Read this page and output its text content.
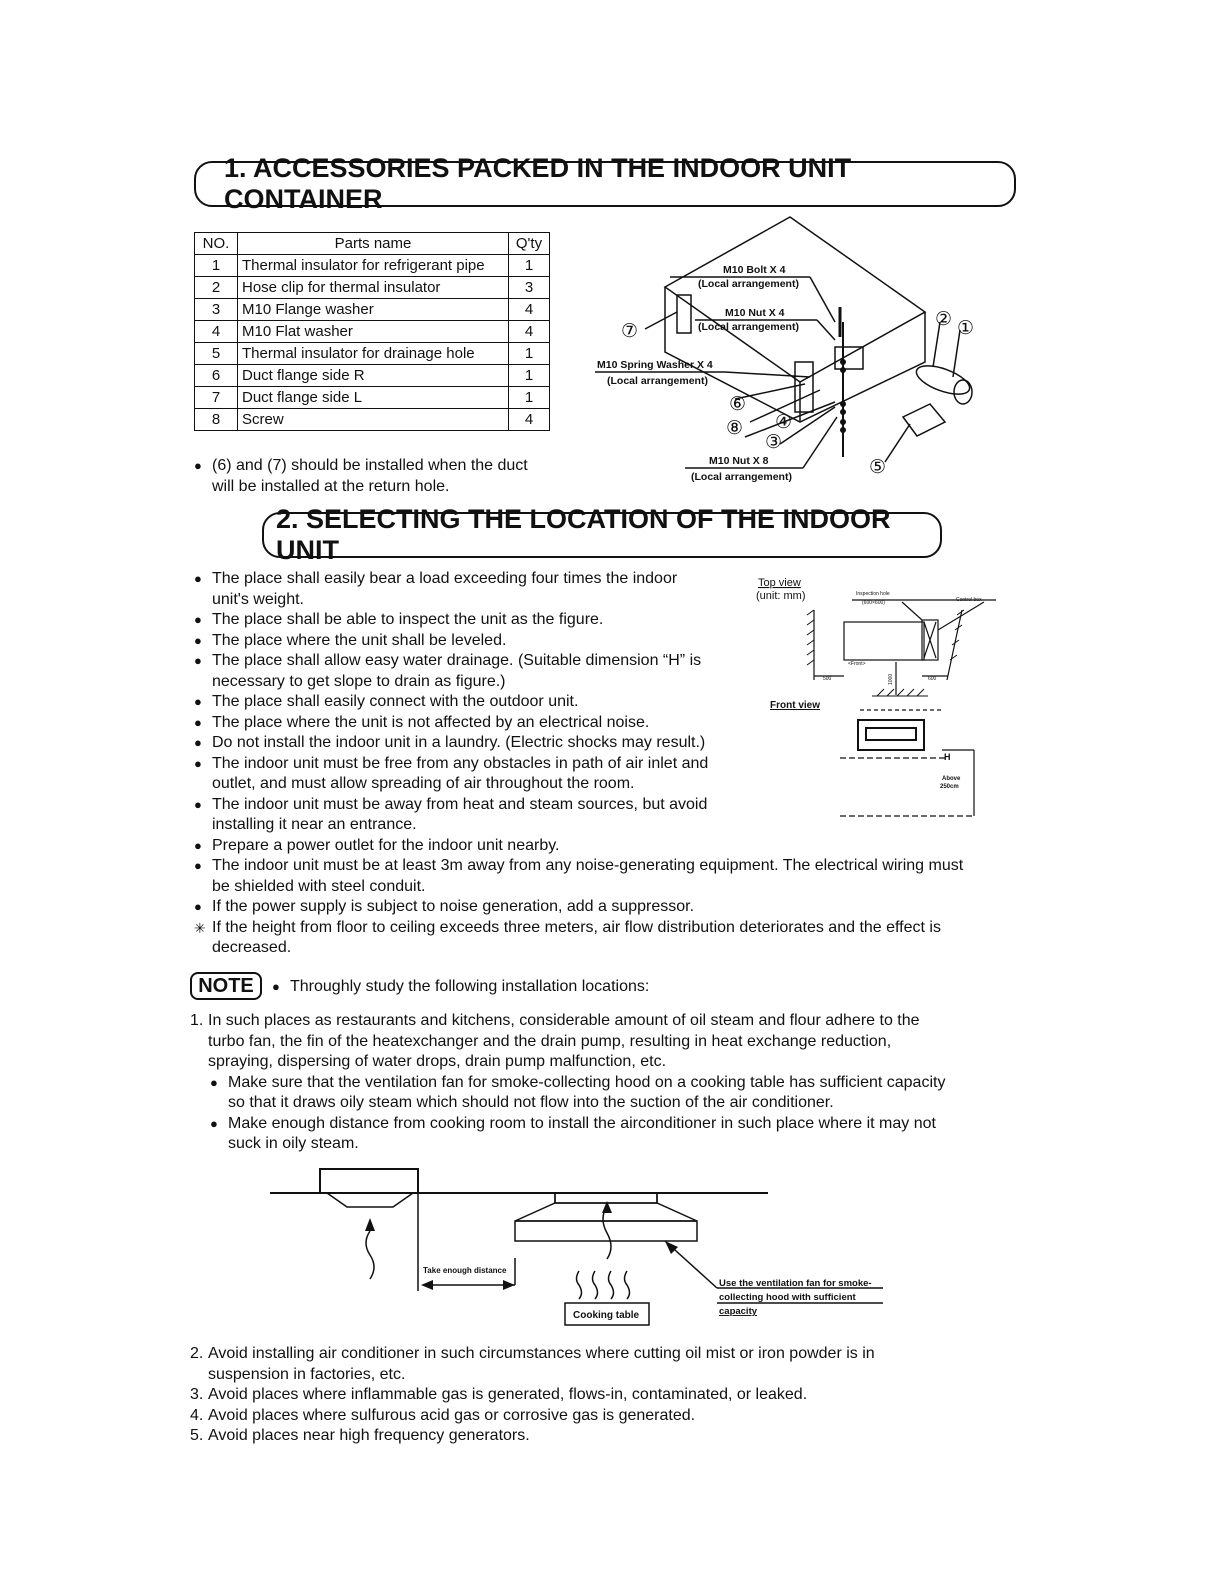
1. ACCESSORIES PACKED IN THE INDOOR UNIT CONTAINER
NO.	Parts name	Q'ty
1	Thermal insulator for refrigerant pipe	1
2	Hose clip for thermal insulator	3
3	M10 Flange washer	4
4	M10 Flat washer	4
5	Thermal insulator for drainage hole	1
6	Duct flange side R	1
7	Duct flange side L	1
8	Screw	4

● (6) and (7) should be installed when the duct

will be installed at the return hole.

M10 Bolt X 4
(Local arrangement)
M10 Nut X 4
(Local arrangement)
M10 Spring Washer X 4
(Local arrangement)
M10 Nut X 8
(Local arrangement)
①
②
③
④
⑤
⑥
⑦
⑧
2. SELECTING THE LOCATION OF THE INDOOR UNIT

● The place shall easily bear a load exceeding four times the indoor

unit's weight.

● The place shall be able to inspect the unit as the figure.

● The place where the unit shall be leveled.

● The place shall allow easy water drainage. (Suitable dimension “H” is

necessary to get slope to drain as figure.)

● The place shall easily connect with the outdoor unit.

● The place where the unit is not affected by an electrical noise.

● Do not install the indoor unit in a laundry. (Electric shocks may result.)

● The indoor unit must be free from any obstacles in path of air inlet and

outlet, and must allow spreading of air throughout the room.

● The indoor unit must be away from heat and steam sources, but avoid

installing it near an entrance.

● Prepare a power outlet for the indoor unit nearby.

● The indoor unit must be at least 3m away from any noise-generating equipment. The electrical wiring must

be shielded with steel conduit.

● If the power supply is subject to noise generation, add a suppressor.

✳ If the height from floor to ceiling exceeds three meters, air flow distribution deteriorates and the effect is

decreased.

Top view
(unit: mm)	Inspection hole
(600×600)	Control box
<Front>
500	1000	600
Front view
H
Above
250cm
NOTE	● Throughly study the following installation locations:

1. In such places as restaurants and kitchens, considerable amount of oil steam and flour adhere to the

turbo fan, the fin of the heatexchanger and the drain pump, resulting in heat exchange reduction,

spraying, dispersing of water drops, drain pump malfunction, etc.

● Make sure that the ventilation fan for smoke-collecting hood on a cooking table has sufficient capacity

so that it draws oily steam which should not flow into the suction of the air conditioner.

● Make enough distance from cooking room to install the airconditioner in such place where it may not

suck in oily steam.

Take enough distance
Cooking table
Use the ventilation fan for smoke-
collecting hood with sufficient
capacity

2. Avoid installing air conditioner in such circumstances where cutting oil mist or iron powder is in

suspension in factories, etc.

3. Avoid places where inflammable gas is generated, flows-in, contaminated, or leaked.

4. Avoid places where sulfurous acid gas or corrosive gas is generated.

5. Avoid places near high frequency generators.
